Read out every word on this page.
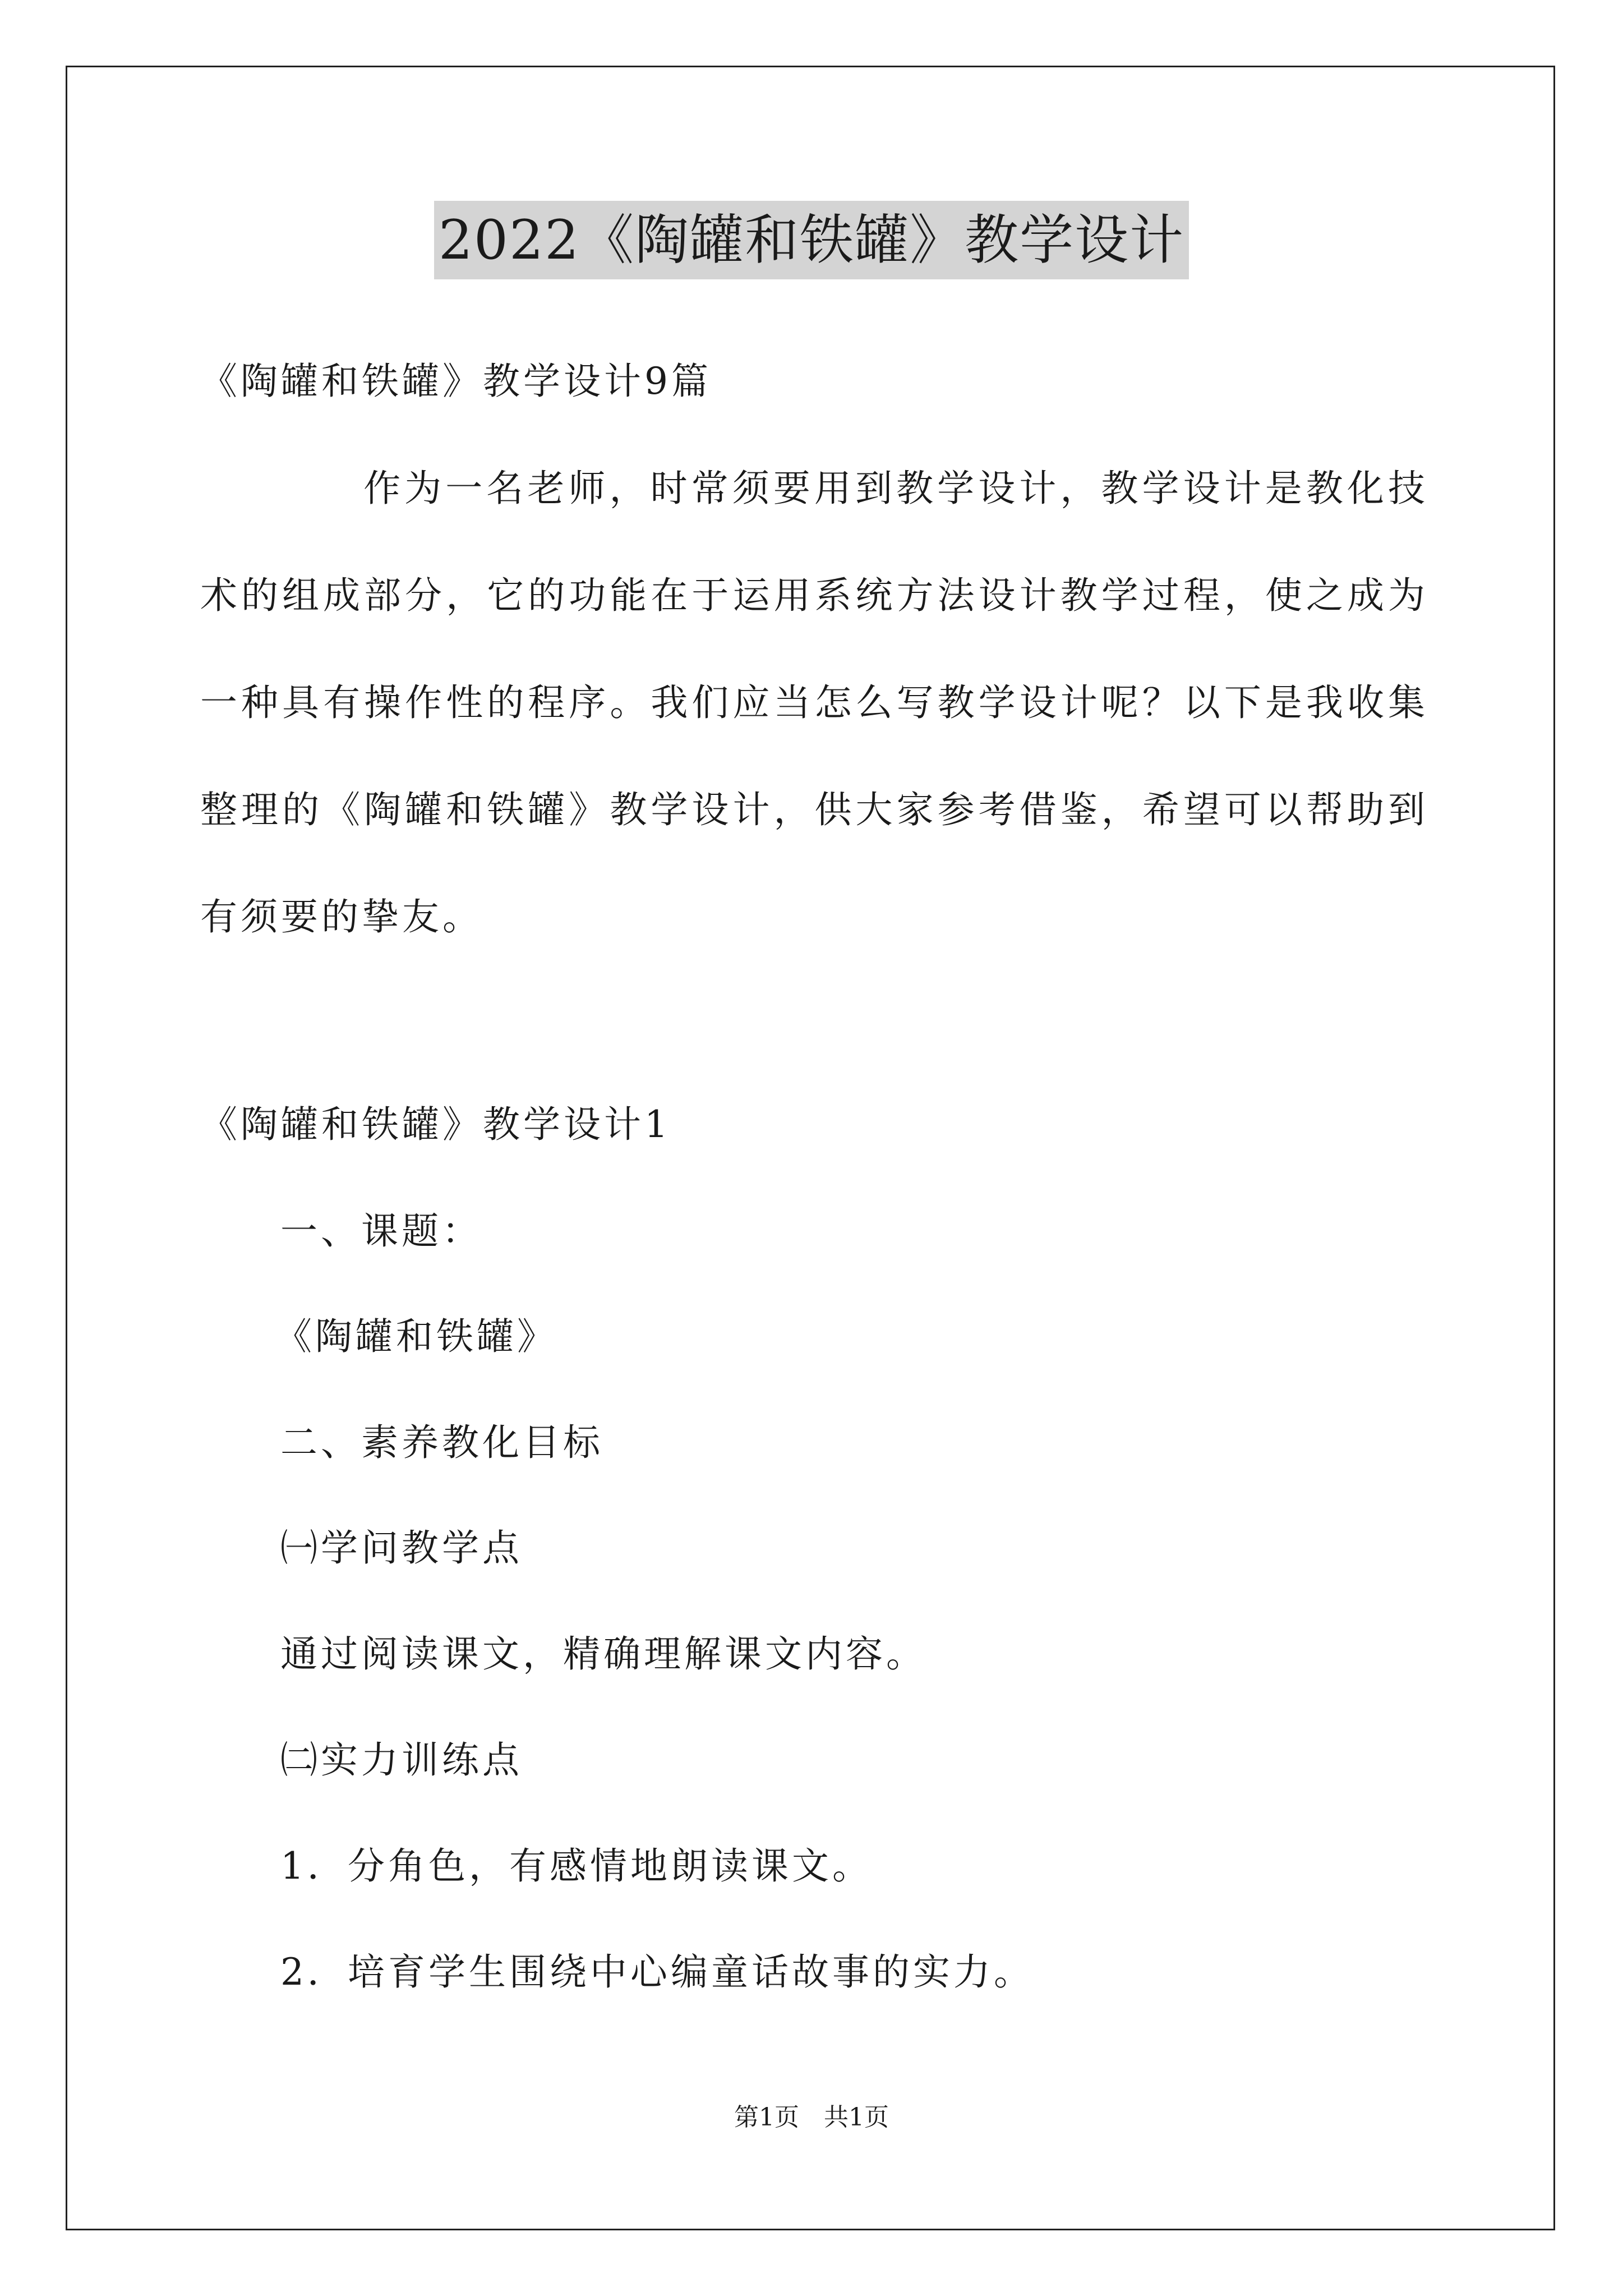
2022《陶罐和铁罐》教学设计
《陶罐和铁罐》教学设计9篇
作为一名老师，时常须要用到教学设计，教学设计是教化技术的组成部分，它的功能在于运用系统方法设计教学过程，使之成为一种具有操作性的程序。我们应当怎么写教学设计呢？以下是我收集整理的《陶罐和铁罐》教学设计，供大家参考借鉴，希望可以帮助到有须要的挚友。
《陶罐和铁罐》教学设计1
一、课题：
《陶罐和铁罐》
二、素养教化目标
㈠学问教学点
通过阅读课文，精确理解课文内容。
㈡实力训练点
1．分角色，有感情地朗读课文。
2．培育学生围绕中心编童话故事的实力。
第1页　共1页
